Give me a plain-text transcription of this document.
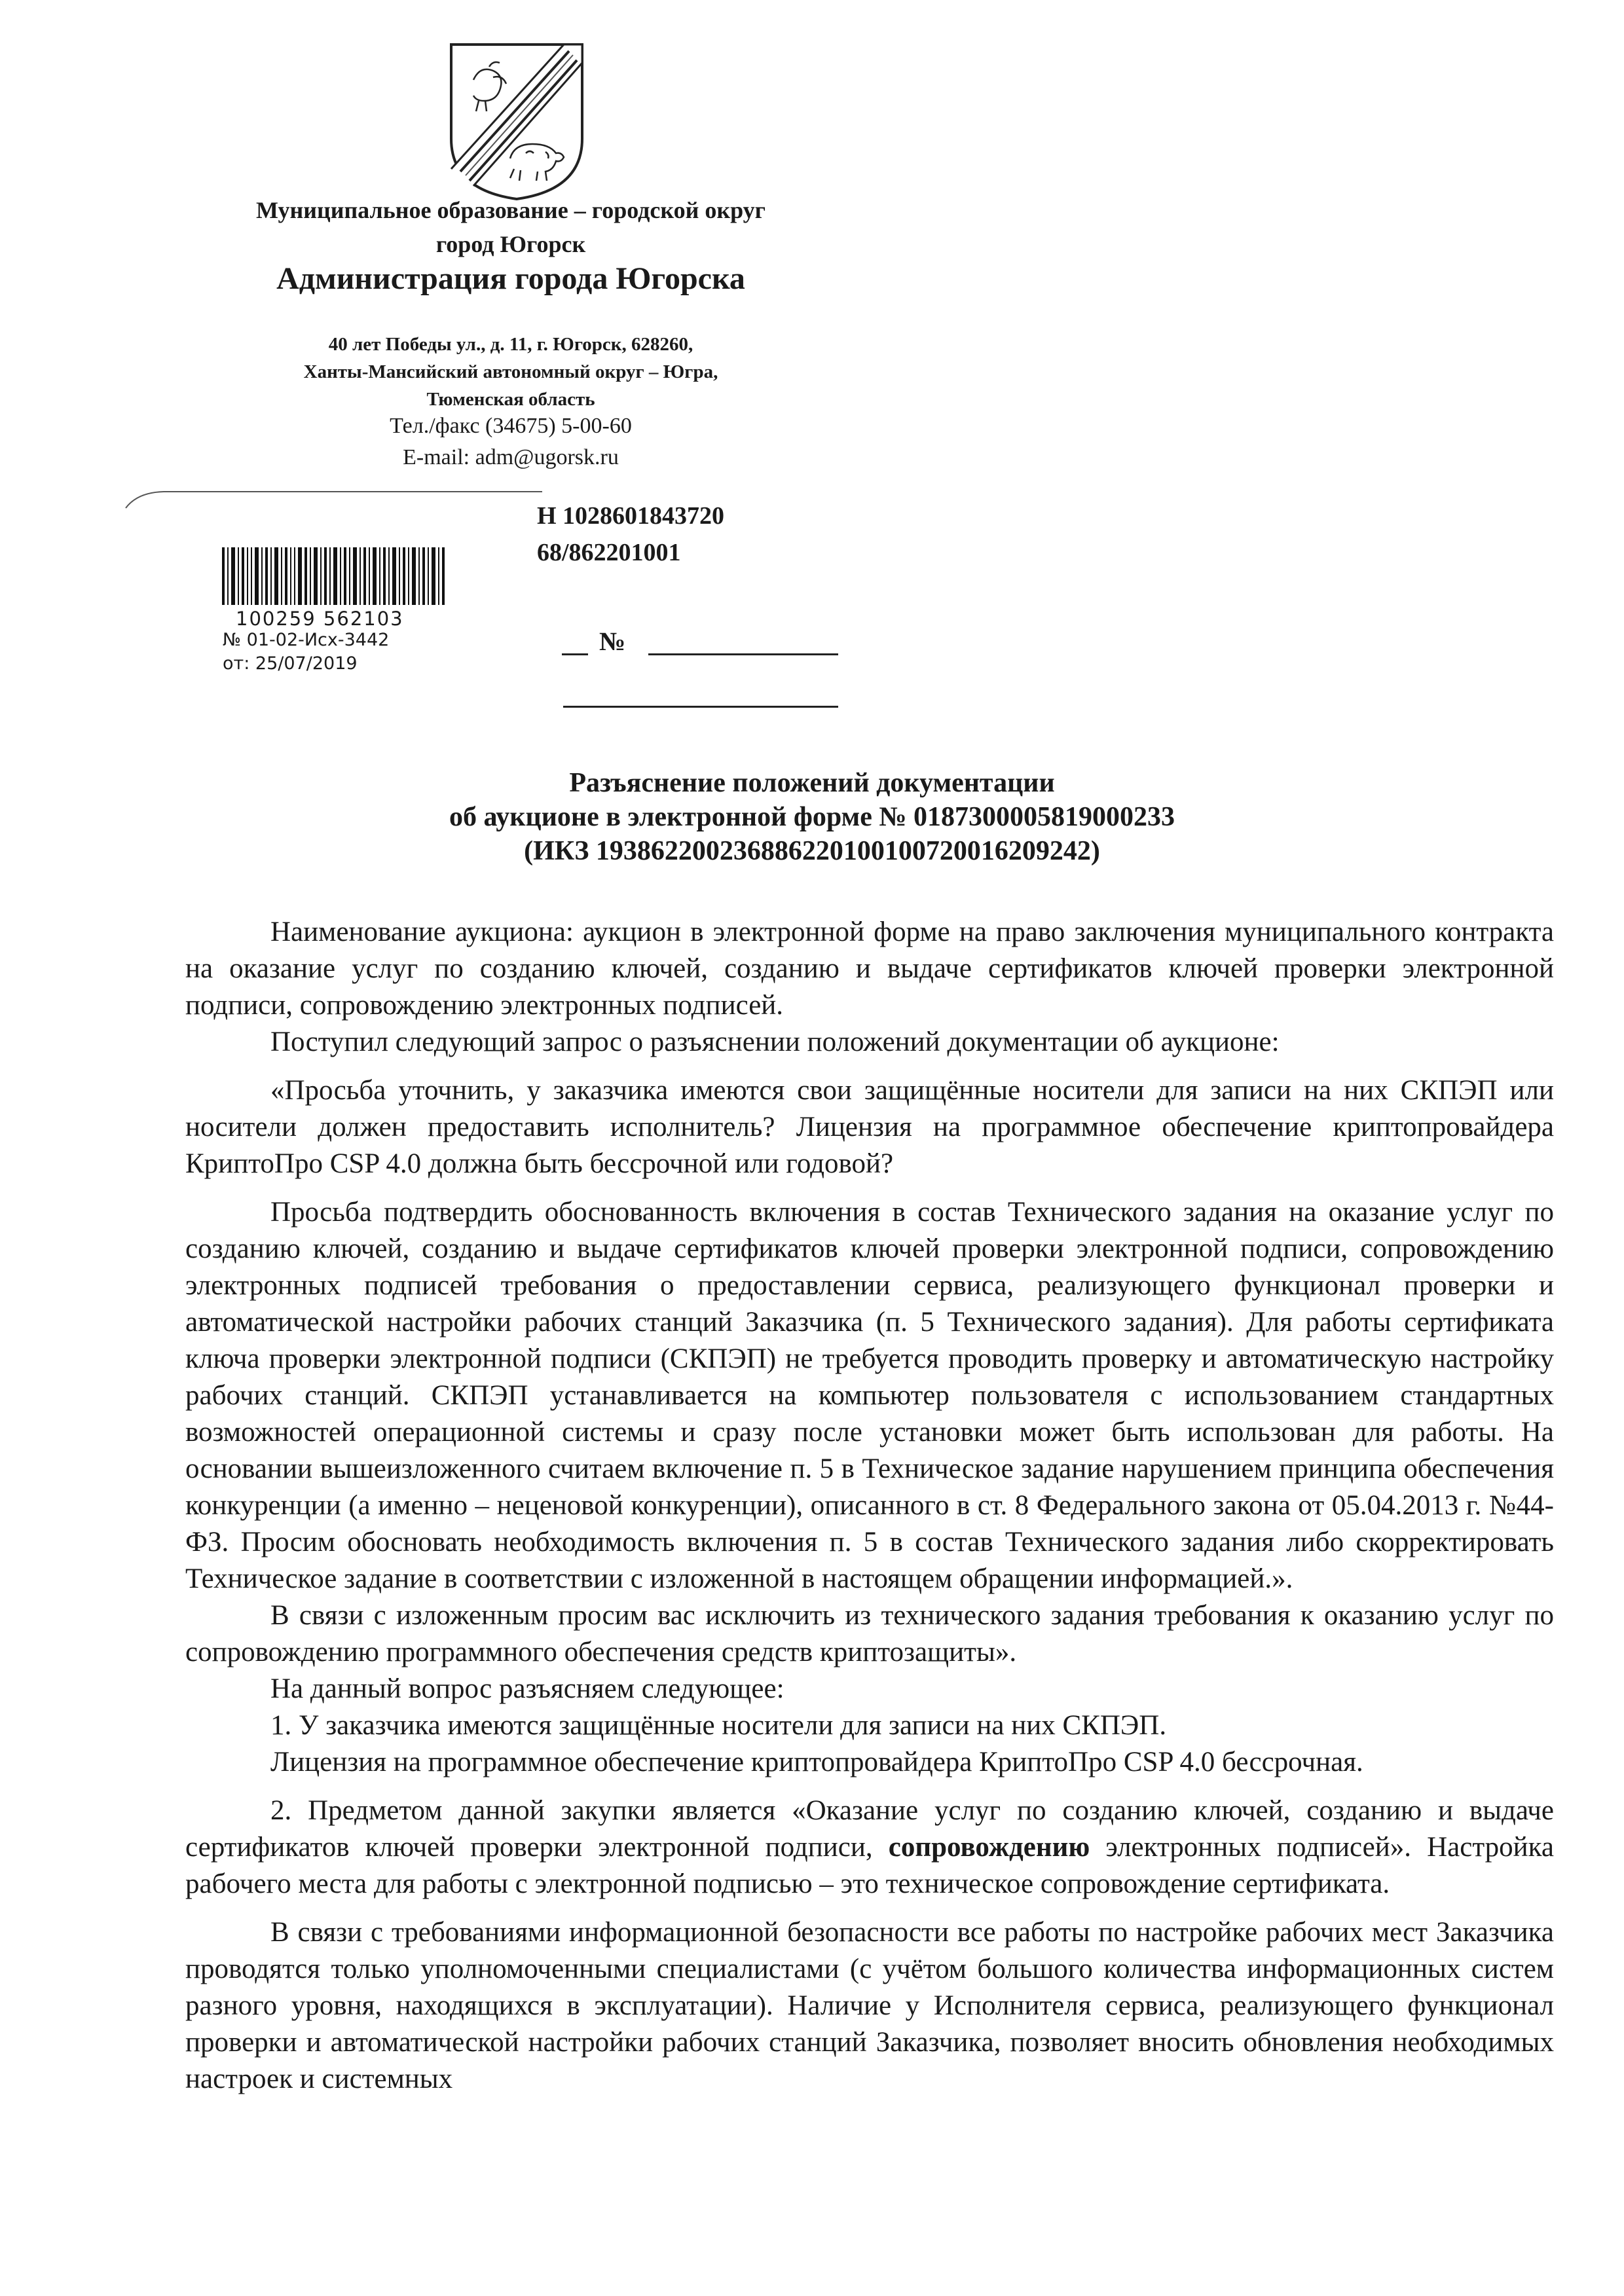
Муниципальное образование – городской округ
город Югорск
Администрация города Югорска
40 лет Победы ул., д. 11, г. Югорск, 628260,
Ханты-Мансийский автономный округ – Югра,
Тюменская область
Тел./факс (34675) 5-00-60
E-mail: adm@ugorsk.ru
Н 1028601843720
68/862201001
100259 562103
№ 01-02-Исх-3442
от: 25/07/2019
№
Разъяснение положений документации
об аукционе в электронной форме № 0187300005819000233
(ИКЗ 193862200236886220100100720016209242)

Наименование аукциона: аукцион в электронной форме на право заключения муниципального контракта на оказание услуг по созданию ключей, созданию и выдаче сертификатов ключей проверки электронной подписи, сопровождению электронных подписей.

Поступил следующий запрос о разъяснении положений документации об аукционе:

«Просьба уточнить, у заказчика имеются свои защищённые носители для записи на них СКПЭП или носители должен предоставить исполнитель? Лицензия на программное обеспечение криптопровайдера КриптоПро CSP 4.0 должна быть бессрочной или годовой?

Просьба подтвердить обоснованность включения в состав Технического задания на оказание услуг по созданию ключей, созданию и выдаче сертификатов ключей проверки электронной подписи, сопровождению электронных подписей требования о предоставлении сервиса, реализующего функционал проверки и автоматической настройки рабочих станций Заказчика (п. 5 Технического задания). Для работы сертификата ключа проверки электронной подписи (СКПЭП) не требуется проводить проверку и автоматическую настройку рабочих станций. СКПЭП устанавливается на компьютер пользователя с использованием стандартных возможностей операционной системы и сразу после установки может быть использован для работы. На основании вышеизложенного считаем включение п. 5 в Техническое задание нарушением принципа обеспечения конкуренции (а именно – неценовой конкуренции), описанного в ст. 8 Федерального закона от 05.04.2013 г. №44-ФЗ. Просим обосновать необходимость включения п. 5 в состав Технического задания либо скорректировать Техническое задание в соответствии с изложенной в настоящем обращении информацией.».

В связи с изложенным просим вас исключить из технического задания требования к оказанию услуг по сопровождению программного обеспечения средств криптозащиты».

На данный вопрос разъясняем следующее:

1. У заказчика имеются защищённые носители для записи на них СКПЭП.

Лицензия на программное обеспечение криптопровайдера КриптоПро CSP 4.0 бессрочная.

2. Предметом данной закупки является «Оказание услуг по созданию ключей, созданию и выдаче сертификатов ключей проверки электронной подписи, сопровождению электронных подписей». Настройка рабочего места для работы с электронной подписью – это техническое сопровождение сертификата.

В связи с требованиями информационной безопасности все работы по настройке рабочих мест Заказчика проводятся только уполномоченными специалистами (с учётом большого количества информационных систем разного уровня, находящихся в эксплуатации). Наличие у Исполнителя сервиса, реализующего функционал проверки и автоматической настройки рабочих станций Заказчика, позволяет вносить обновления необходимых настроек и системных
